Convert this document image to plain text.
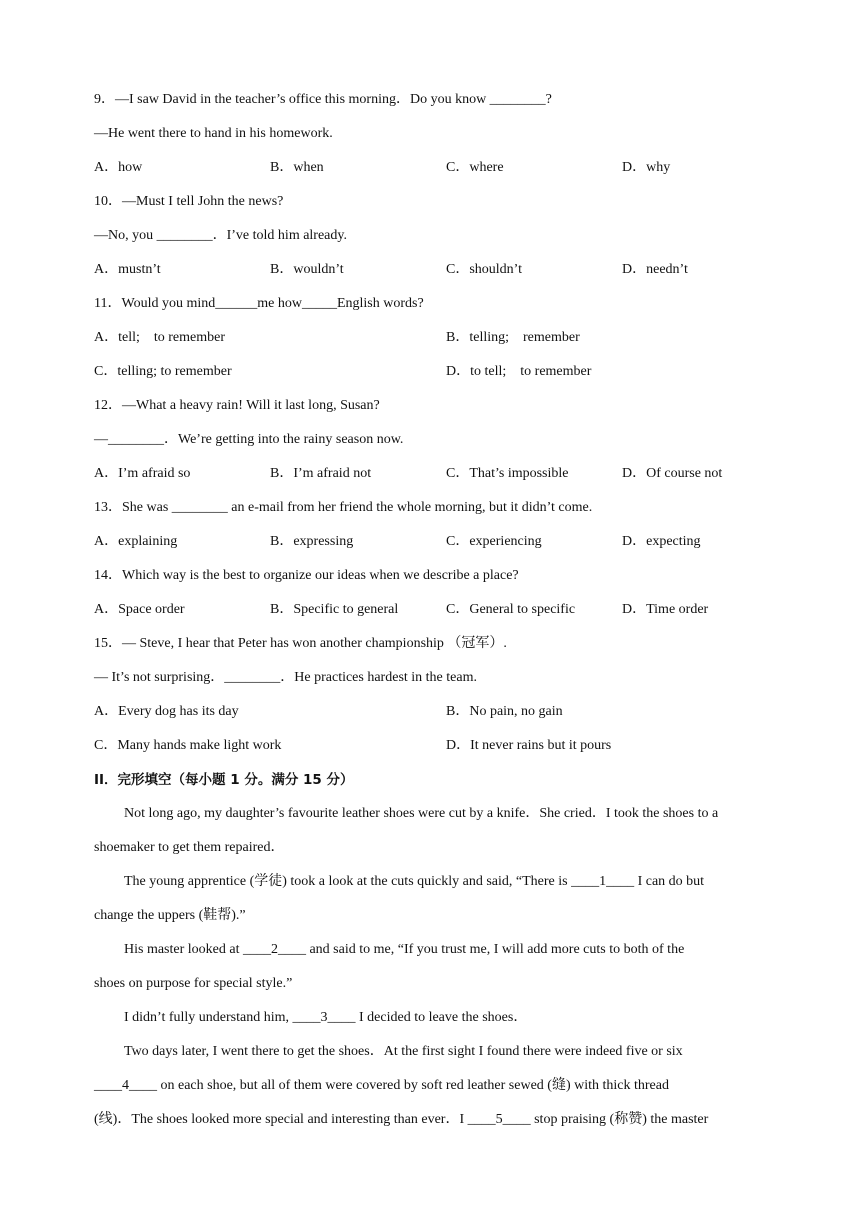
9．—I saw David in the teacher’s office this morning．Do you know ________?
—He went there to hand in his homework.
A．how	B．when	C．where	D．why
10．—Must I tell John the news?
—No, you ________．I’ve told him already.
A．mustn’t	B．wouldn’t	C．shouldn’t	D．needn’t
11．Would you mind______me how_____English words?
A．tell;    to remember	B．telling;    remember
C．telling; to remember	D．to tell;    to remember
12．—What a heavy rain! Will it last long, Susan?
—________．We’re getting into the rainy season now.
A．I’m afraid so	B．I’m afraid not	C．That’s impossible	D．Of course not
13．She was ________ an e-mail from her friend the whole morning, but it didn’t come.
A．explaining	B．expressing	C．experiencing	D．expecting
14．Which way is the best to organize our ideas when we describe a place?
A．Space order	B．Specific to general	C．General to specific	D．Time order
15．— Steve, I hear that Peter has won another championship （冠军）.
— It’s not surprising．________．He practices hardest in the team.
A．Every dog has its day	B．No pain, no gain
C．Many hands make light work	D．It never rains but it pours
II．完形填空（每小题 1 分。满分 15 分）
Not long ago, my daughter’s favourite leather shoes were cut by a knife．She cried．I took the shoes to a
shoemaker to get them repaired．
The young apprentice (学徒) took a look at the cuts quickly and said, “There is ____1____ I can do but
change the uppers (鞋帮).”
His master looked at ____2____ and said to me, “If you trust me, I will add more cuts to both of the
shoes on purpose for special style.”
I didn’t fully understand him, ____3____ I decided to leave the shoes．
Two days later, I went there to get the shoes．At the first sight I found there were indeed five or six
____4____ on each shoe, but all of them were covered by soft red leather sewed (缝) with thick thread
(线)．The shoes looked more special and interesting than ever．I ____5____ stop praising (称赞) the master
